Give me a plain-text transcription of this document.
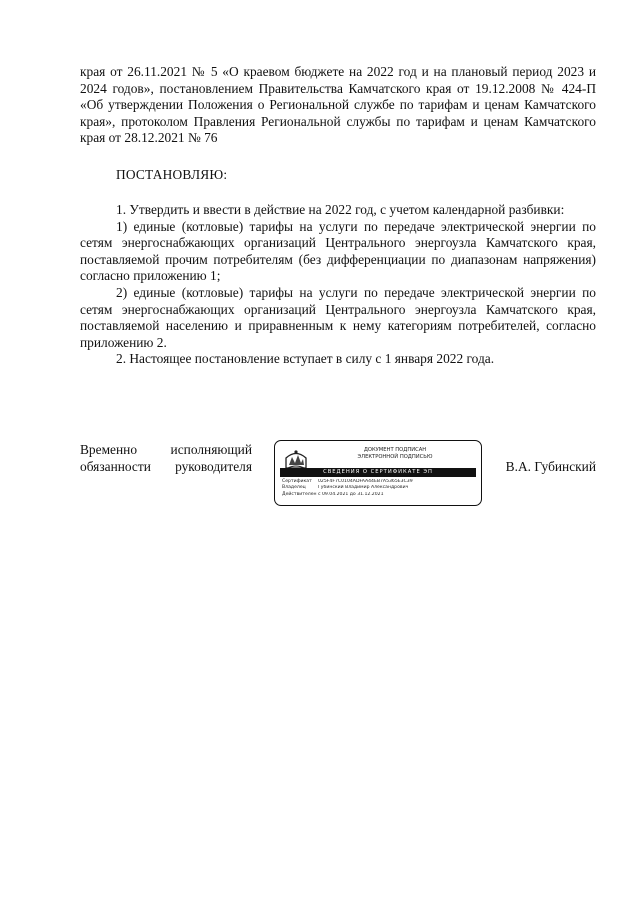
края от 26.11.2021 № 5 «О краевом бюджете на 2022 год и на плановый период 2023 и 2024 годов», постановлением Правительства Камчатского края от 19.12.2008 № 424-П «Об утверждении Положения о Региональной службе по тарифам и ценам Камчатского края», протоколом Правления Региональной службы по тарифам и ценам Камчатского края от 28.12.2021 № 76

ПОСТАНОВЛЯЮ:

1. Утвердить и ввести в действие на 2022 год, с учетом календарной разбивки:

1) единые (котловые) тарифы на услуги по передаче электрической энергии по сетям энергоснабжающих организаций Центрального энергоузла Камчатского края, поставляемой прочим потребителям (без дифференциации по диапазонам напряжения) согласно приложению 1;

2) единые (котловые) тарифы на услуги по передаче электрической энергии по сетям энергоснабжающих организаций Центрального энергоузла Камчатского края, поставляемой населению и приравненным к нему категориям потребителей, согласно приложению 2.

2. Настоящее постановление вступает в силу с 1 января 2022 года.

Временно исполняющий
обязанности руководителя
ДОКУМЕНТ ПОДПИСАН
ЭЛЕКТРОННОЙ ПОДПИСЬЮ
СВЕДЕНИЯ О СЕРТИФИКАТЕ ЭП
Сертификат	025F4F7C0104ADFAA44EB7A5365E3C39
Владелец	Губинский Владимир Александрович
Действителен с 09.04.2021 до 31.12.2021
В.А. Губинский
